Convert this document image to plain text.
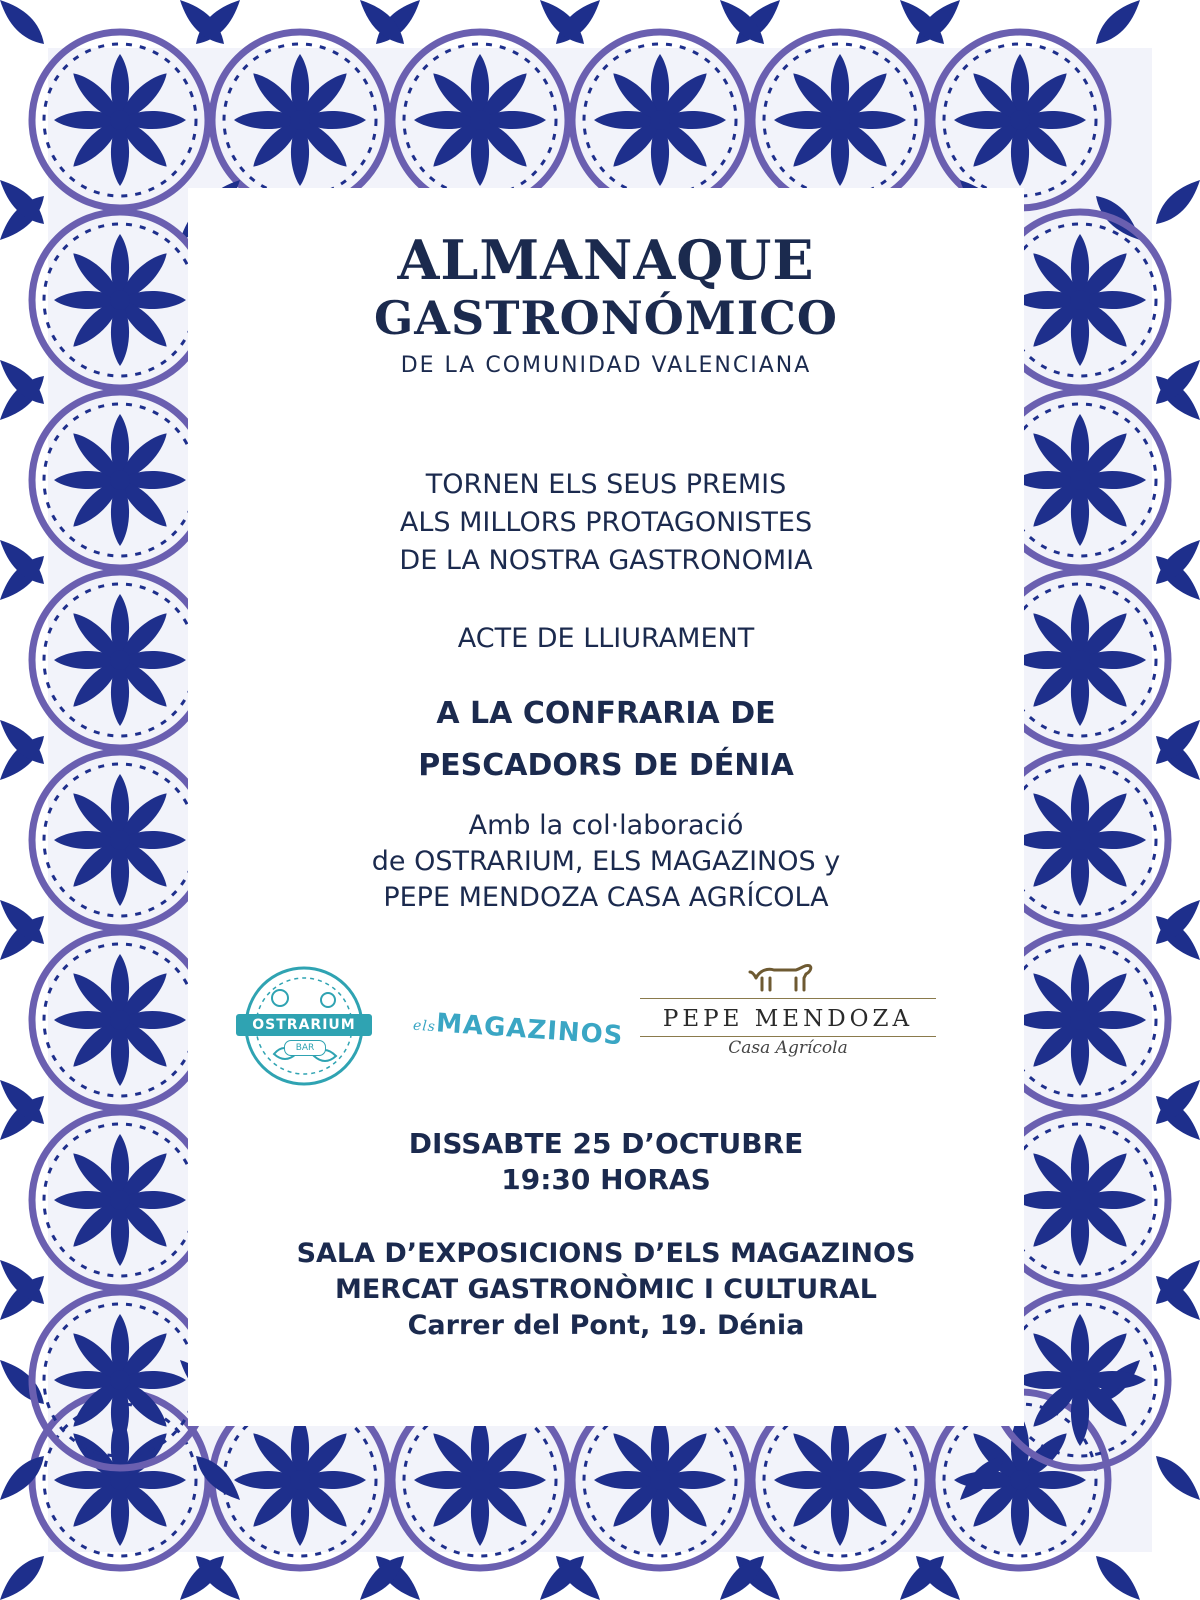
ALMANAQUE
GASTRONÓMICO
DE LA COMUNIDAD VALENCIANA
TORNEN ELS SEUS PREMIS
ALS MILLORS PROTAGONISTES
DE LA NOSTRA GASTRONOMIA
ACTE DE LLIURAMENT
A LA CONFRARIA DE
PESCADORS DE DÉNIA
Amb la col·laboració
de OSTRARIUM, ELS MAGAZINOS y
PEPE MENDOZA CASA AGRÍCOLA
OSTRARIUM
BAR
elsMAGAZINOS	PEPE MENDOZA
Casa Agrícola
DISSABTE 25 D’OCTUBRE
19:30 HORAS
SALA D’EXPOSICIONS D’ELS MAGAZINOS
MERCAT GASTRONÒMIC I CULTURAL
Carrer del Pont, 19. Dénia
